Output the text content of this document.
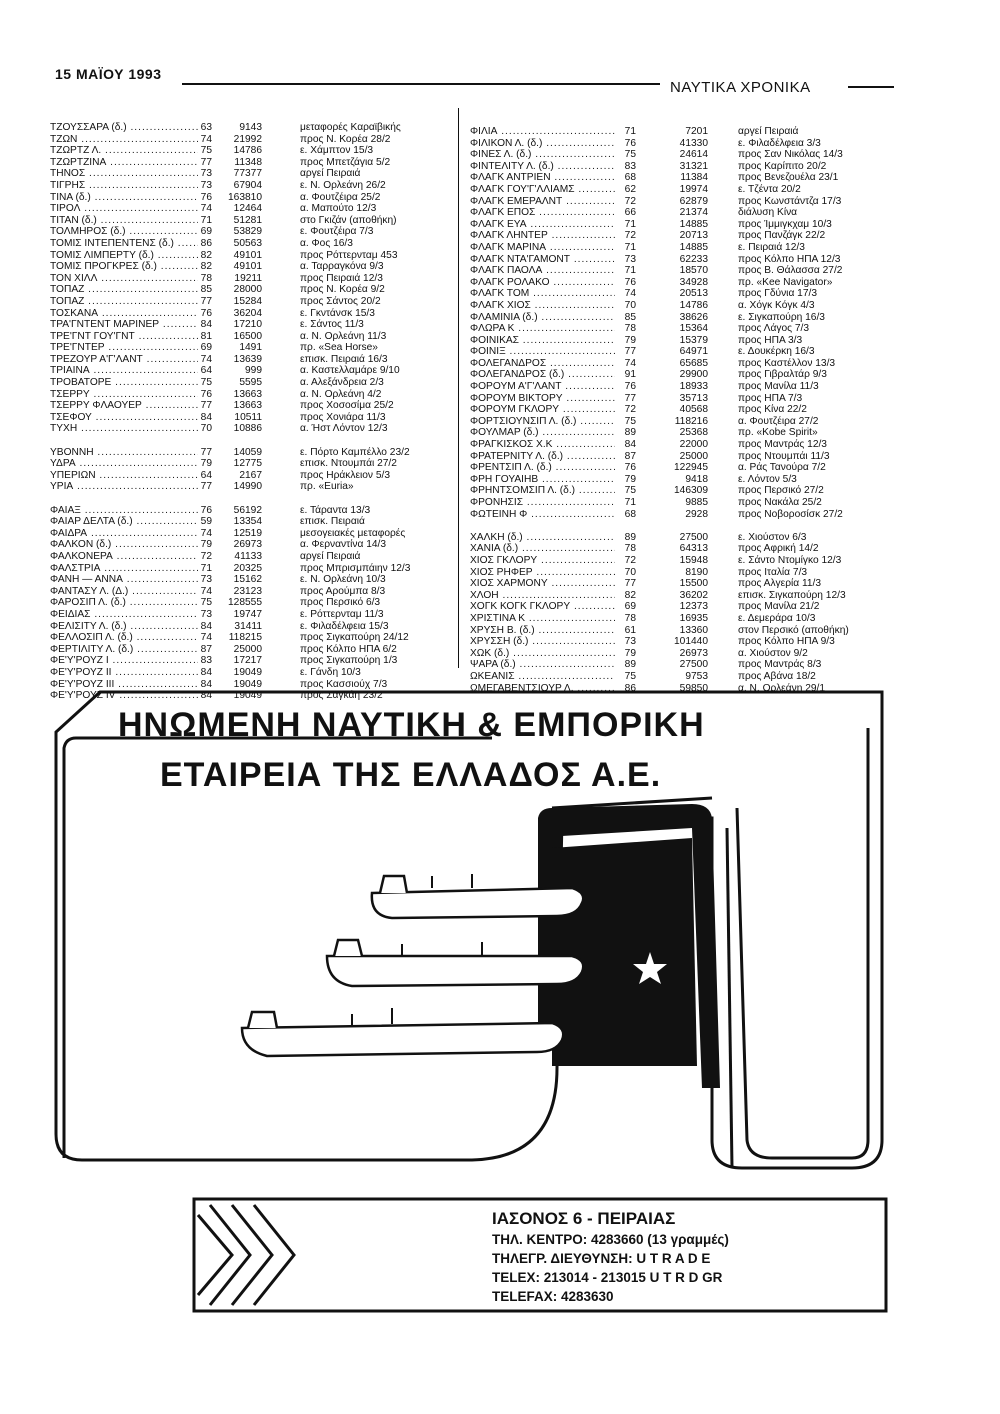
15 ΜΑΪΟΥ 1993
ΝΑΥΤΙΚΑ ΧΡΟΝΙΚΑ
ΤΖΟΥΣΣΑΡΑ (δ.) .....	63	9143	μεταφορές Καραϊβικής
ΤΖΩΝ .....	74	21992	προς Ν. Κορέα 28/2
ΤΖΩΡΤΖ Λ. .....	75	14786	ε. Χάμπτον 15/3
ΤΖΩΡΤΖΙΝΑ .....	77	11348	προς Μπετζάγια 5/2
ΤΗΝΟΣ .....	73	77377	αργεί Πειραιά
ΤΙΓΡΗΣ .....	73	67904	ε. Ν. Ορλεάνη 26/2
ΤΙΝΑ (δ.) .....	76 163810	α. Φουτζέιρα 25/2
ΤΙΡΟΛ .....	74	12464	α. Μαπούτο 12/3
ΤΙΤΑΝ (δ.) .....	71	51281	στο Γκιζάν (αποθήκη)
ΤΟΛΜΗΡΟΣ (δ.) .....	69	53829	ε. Φουτζέιρα 7/3
ΤΟΜΙΣ ΙΝΤΕΠΕΝΤΕΝΣ (δ.) .....	86	50563	α. Φος 16/3
ΤΟΜΙΣ ΛΙΜΠΕΡΤΥ (δ.) .....	82	49101	προς Ρόττερνταμ 453
ΤΟΜΙΣ ΠΡΟΓΚΡΕΣ (δ.) .....	82	49101	α. Ταρραγκόνα 9/3
ΤΟΝ ΧΙΛΛ .....	78	19211	προς Πειραιά 12/3
ΤΟΠΑΖ .....	85	28000	προς Ν. Κορέα 9/2
ΤΟΠΑΖ .....	77	15284	προς Σάντος 20/2
ΤΟΣΚΑΝΑ .....	76	36204	ε. Γκντάνσκ 15/3
ΤΡΑ'ΓΝΤΕΝΤ ΜΑΡΙΝΕΡ .....	84	17210	ε. Σάντος 11/3
ΤΡΕ'ΓΝΤ ΓΟΥ'ΓΝΤ .....	81	16500	α. Ν. Ορλεάνη 11/3
ΤΡΕ'ΓΝΤΕΡ .....	69	1491	πρ. «Sea Horse»
ΤΡΕΖΟΥΡ Α'Γ'ΛΑΝΤ .....	74	13639	επισκ. Πειραιά 16/3
ΤΡΙΑΙΝΑ .....	64	999	α. Καστελλαμάρε 9/10
ΤΡΟΒΑΤΟΡΕ .....	75	5595	α. Αλεξάνδρεια 2/3
ΤΣΕΡΡΥ .....	76	13663	α. Ν. Ορλεάνη 4/2
ΤΣΕΡΡΥ ΦΛΑΟΥΕΡ .....	77	13663	προς Χοσοσίμα 25/2
ΤΣΕΦΟΥ .....	84	10511	προς Χονιάρα 11/3
ΤΥΧΗ .....	70	10886	α. Ήστ Λόντον 12/3
ΥΒΟΝΝΗ .....	77	14059	ε. Πόρτο Καμπέλλο 23/2
ΥΔΡΑ .....	79	12775	επισκ. Ντουμπάι 27/2
ΥΠΕΡΙΩΝ .....	64	2167	προς Ηράκλειον 5/3
ΥΡΙΑ .....	77	14990	πρ. «Euria»
ΦΑΙΑΞ .....	76	56192	ε. Τάραντα 13/3
ΦΑΙΑΡ ΔΕΛΤΑ (δ.) .....	59	13354	επισκ. Πειραιά
ΦΑΙΔΡΑ .....	74	12519	μεσογειακές μεταφορές
ΦΑΛΚΟΝ (δ.) .....	79	26973	α. Φερναντίνα 14/3
ΦΑΛΚΟΝΕΡΑ .....	72	41133	αργεί Πειραιά
ΦΑΛΣΤΡΙΑ .....	71	20325	προς Μπρισμπάιην 12/3
ΦΑΝΗ — ΑΝΝΑ .....	73	15162	ε. Ν. Ορλεάνη 10/3
ΦΑΝΤΑΣΥ Λ. (Δ.) .....	74	23123	προς Αρούμπα 8/3
ΦΑΡΟΣΙΠ Λ. (δ.) .....	75 128555	προς Περσικό 6/3
ΦΕΙΔΙΑΣ .....	73	19747	ε. Ρόττερνταμ 11/3
ΦΕΛΙΣΙΤΥ Λ. (δ.) .....	84	31411	ε. Φιλαδέλφεια 15/3
ΦΕΛΛΟΣΙΠ Λ. (δ.) .....	74 118215	προς Σιγκαπούρη 24/12
ΦΕΡΤΙΛΙΤΥ Λ. (δ.) .....	87	25000	προς Κόλπο ΗΠΑ 6/2
ΦΕ'Υ'ΡΟΥΖ Ι .....	83	17217	προς Σιγκαπούρη 1/3
ΦΕ'Υ'ΡΟΥΖ ΙΙ .....	84	19049	ε. Γάνδη 10/3
ΦΕ'Υ'ΡΟΥΖ ΙΙΙ .....	84	19049	προς Κασσιούχ 7/3
ΦΕ'Υ'ΡΟΥΖ ΙV .....	84	19049	προς Σαγκάη 23/2
ΦΙΛΙΑ .....	71	7201	αργεί Πειραιά
ΦΙΛΙΚΟΝ Λ. (δ.) .....	76	41330	ε. Φιλαδέλφεια 3/3
ΦΙΝΕΣ Λ. (δ.) .....	75	24614	προς Σαν Νικόλας 14/3
ΦΙΝΤΕΛΙΤΥ Λ. (δ.) .....	83	31321	προς Καρίπιτο 20/2
ΦΛΑΓΚ ΑΝΤΡΙΕΝ .....	68	11384	προς Βενεζουέλα 23/1
ΦΛΑΓΚ ΓΟΥ'Γ'ΛΛΙΑΜΣ .....	62	19974	ε. Τζέντα 20/2
ΦΛΑΓΚ ΕΜΕΡΑΛΝΤ .....	72	62879	προς Κωνστάντζα 17/3
ΦΛΑΓΚ ΕΠΟΣ .....	66	21374	διάλυση Κίνα
ΦΛΑΓΚ ΕΥΑ .....	71	14885	προς Ίμμιγκχαμ 10/3
ΦΛΑΓΚ ΛΗΝΤΕΡ .....	72	20713	προς Πανζάγκ 22/2
ΦΛΑΓΚ ΜΑΡΙΝΑ .....	71	14885	ε. Πειραιά 12/3
ΦΛΑΓΚ ΝΤΑ'ΓΑΜΟΝΤ .....	73	62233	προς Κόλπο ΗΠΑ 12/3
ΦΛΑΓΚ ΠΑΟΛΑ .....	71	18570	προς Β. Θάλασσα 27/2
ΦΛΑΓΚ ΡΟΛΑΚΟ .....	76	34928	πρ. «Kee Navigator»
ΦΛΑΓΚ ΤΟΜ .....	74	20513	προς Γδύνια 17/3
ΦΛΑΓΚ ΧΙΟΣ .....	70	14786	α. Χόγκ Κόγκ 4/3
ΦΛΑΜΙΝΙΑ (δ.) .....	85	38626	ε. Σιγκαπούρη 16/3
ΦΛΩΡΑ Κ .....	78	15364	προς Λάγος 7/3
ΦΟΙΝΙΚΑΣ .....	79	15379	προς ΗΠΑ 3/3
ΦΟΙΝΙΞ .....	77	64971	ε. Δουκέρκη 16/3
ΦΟΛΕΓΑΝΔΡΟΣ .....	74	65685	προς Καστέλλον 13/3
ΦΟΛΕΓΑΝΔΡΟΣ (δ.) .....	91	29900	προς Γιβραλτάρ 9/3
ΦΟΡΟΥΜ Α'Γ'ΛΑΝΤ .....	76	18933	προς Μανίλα 11/3
ΦΟΡΟΥΜ ΒΙΚΤΟΡΥ .....	77	35713	προς ΗΠΑ 7/3
ΦΟΡΟΥΜ ΓΚΛΟΡΥ .....	72	40568	προς Κίνα 22/2
ΦΟΡΤΣΙΟΥΝΣΙΠ Λ. (δ.) .....	75	118216	α. Φουτζέιρα 27/2
ΦΟΥΛΜΑΡ (δ.) .....	89	25368	πρ. «Kobe Spirit»
ΦΡΑΓΚΙΣΚΟΣ Χ.Κ .....	84	22000	προς Μαντράς 12/3
ΦΡΑΤΕΡΝΙΤΥ Λ. (δ.) .....	87	25000	προς Ντουμπάι 11/3
ΦΡΕΝΤΣΙΠ Λ. (δ.) .....	76	122945	α. Ράς Τανούρα 7/2
ΦΡΗ ΓΟΥΑΙΗΒ .....	79	9418	ε. Λόντον 5/3
ΦΡΗΝΤΣΟΜΣΙΠ Λ. (δ.) .....	75	146309	προς Περσικό 27/2
ΦΡΟΝΗΣΙΣ .....	71	9885	προς Νακάλα 25/2
ΦΩΤΕΙΝΗ Φ .....	68	2928	προς Νοβοροσίσκ 27/2
ΧΑΛΚΗ (δ.) .....	89	27500	ε. Χιούστον 6/3
ΧΑΝΙΑ (δ.) .....	78	64313	προς Αφρική 14/2
ΧΙΟΣ ΓΚΛΟΡΥ .....	72	15948	ε. Σάντο Ντομίγκο 12/3
ΧΙΟΣ ΡΗΦΕΡ .....	70	8190	προς Ιταλία 7/3
ΧΙΟΣ ΧΑΡΜΟΝΥ .....	77	15500	προς Αλγερία 11/3
ΧΛΟΗ .....	82	36202	επισκ. Σιγκαπούρη 12/3
ΧΟΓΚ ΚΟΓΚ ΓΚΛΟΡΥ .....	69	12373	προς Μανίλα 21/2
ΧΡΙΣΤΙΝΑ Κ .....	78	16935	ε. Δεμεράρα 10/3
ΧΡΥΣΗ Β. (δ.) .....	61	13360	στον Περσικό (αποθήκη)
ΧΡΥΣΣΗ (δ.) .....	73	101440	προς Κόλπο ΗΠΑ 9/3
ΧΩΚ (δ.) .....	79	26973	α. Χιούστον 9/2
ΨΑΡΑ (δ.) .....	89	27500	προς Μαντράς 8/3
ΩΚΕΑΝΙΣ .....	75	9753	προς Αβάνα 18/2
ΩΜΕΓΑΒΕΝΤΣΙΟΥΡ Λ. .....	86	59850	α. Ν. Ορλεάνη 29/1
ΗΝΩΜΕΝΗ ΝΑΥΤΙΚΗ & ΕΜΠΟΡΙΚΗ
ΕΤΑΙΡΕΙΑ ΤΗΣ ΕΛΛΑΔΟΣ Α.Ε.
ΙΑΣΟΝΟΣ 6 - ΠΕΙΡΑΙΑΣ
ΤΗΛ. ΚΕΝΤΡΟ: 4283660 (13 γραμμές)
ΤΗΛΕΓΡ. ΔΙΕΥΘΥΝΣΗ: U T R A D E
TELEX: 213014 - 213015 U T R D GR
TELEFAX: 4283630
